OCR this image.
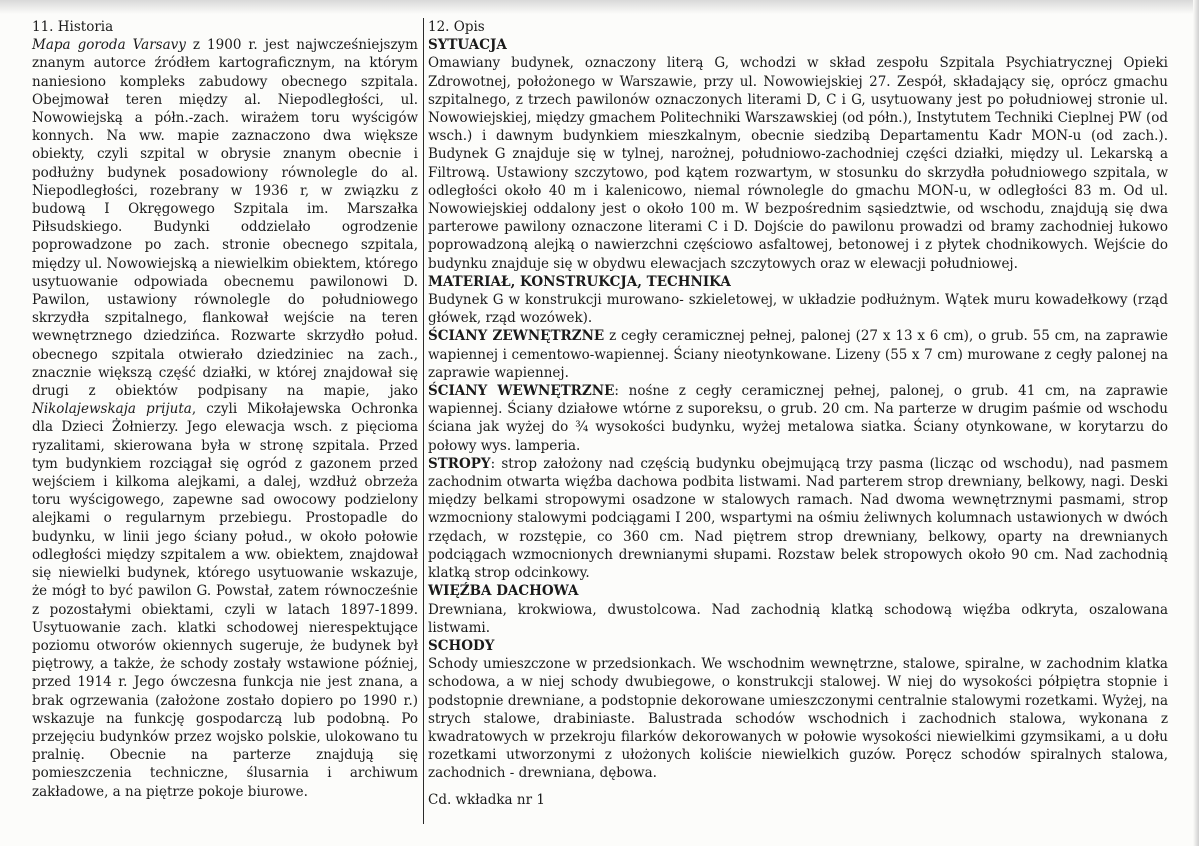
11. Historia

Mapa goroda Varsavy z 1900 r. jest najwcześniejszym znanym autorce źródłem kartograficznym, na którym naniesiono kompleks zabudowy obecnego szpitala. Obejmował teren między al. Niepodległości, ul. Nowowiejską a półn.-zach. wirażem toru wyścigów konnych. Na ww. mapie zaznaczono dwa większe obiekty, czyli szpital w obrysie znanym obecnie i podłużny budynek posadowiony równolegle do al. Niepodległości, rozebrany w 1936 r, w związku z budową I Okręgowego Szpitala im. Marszałka Piłsudskiego. Budynki oddzielało ogrodzenie poprowadzone po zach. stronie obecnego szpitala, między ul. Nowowiejską a niewielkim obiektem, którego usytuowanie odpowiada obecnemu pawilonowi D. Pawilon, ustawiony równolegle do południowego skrzydła szpitalnego, flankował wejście na teren wewnętrznego dziedzińca. Rozwarte skrzydło połud. obecnego szpitala otwierało dziedziniec na zach., znacznie większą część działki, w której znajdował się drugi z obiektów podpisany na mapie, jako Nikolajewskaja prijuta, czyli Mikołajewska Ochronka dla Dzieci Żołnierzy. Jego elewacja wsch. z pięcioma ryzalitami, skierowana była w stronę szpitala. Przed tym budynkiem rozciągał się ogród z gazonem przed wejściem i kilkoma alejkami, a dalej, wzdłuż obrzeża toru wyścigowego, zapewne sad owocowy podzielony alejkami o regularnym przebiegu. Prostopadle do budynku, w linii jego ściany połud., w około połowie odległości między szpitalem a ww. obiektem, znajdował się niewielki budynek, którego usytuowanie wskazuje, że mógł to być pawilon G. Powstał, zatem równocześnie z pozostałymi obiektami, czyli w latach 1897-1899. Usytuowanie zach. klatki schodowej nierespektujące poziomu otworów okiennych sugeruje, że budynek był piętrowy, a także, że schody zostały wstawione później, przed 1914 r. Jego ówczesna funkcja nie jest znana, a brak ogrzewania (założone zostało dopiero po 1990 r.) wskazuje na funkcję gospodarczą lub podobną. Po przejęciu budynków przez wojsko polskie, ulokowano tu pralnię. Obecnie na parterze znajdują się pomieszczenia techniczne, ślusarnia i archiwum zakładowe, a na piętrze pokoje biurowe.

12. Opis

SYTUACJA

Omawiany budynek, oznaczony literą G, wchodzi w skład zespołu Szpitala Psychiatrycznej Opieki Zdrowotnej, położonego w Warszawie, przy ul. Nowowiejskiej 27. Zespół, składający się, oprócz gmachu szpitalnego, z trzech pawilonów oznaczonych literami D, C i G, usytuowany jest po południowej stronie ul. Nowowiejskiej, między gmachem Politechniki Warszawskiej (od półn.), Instytutem Techniki Cieplnej PW (od wsch.) i dawnym budynkiem mieszkalnym, obecnie siedzibą Departamentu Kadr MON-u (od zach.). Budynek G znajduje się w tylnej, narożnej, południowo-zachodniej części działki, między ul. Lekarską a Filtrową. Ustawiony szczytowo, pod kątem rozwartym, w stosunku do skrzydła południowego szpitala, w odległości około 40 m i kalenicowo, niemal równolegle do gmachu MON-u, w odległości 83 m. Od ul. Nowowiejskiej oddalony jest o około 100 m. W bezpośrednim sąsiedztwie, od wschodu, znajdują się dwa parterowe pawilony oznaczone literami C i D. Dojście do pawilonu prowadzi od bramy zachodniej łukowo poprowadzoną alejką o nawierzchni częściowo asfaltowej, betonowej i z płytek chodnikowych. Wejście do budynku znajduje się w obydwu elewacjach szczytowych oraz w elewacji południowej.

MATERIAŁ, KONSTRUKCJA, TECHNIKA

Budynek G w konstrukcji murowano- szkieletowej, w układzie podłużnym. Wątek muru kowadełkowy (rząd główek, rząd wozówek).

ŚCIANY ZEWNĘTRZNE z cegły ceramicznej pełnej, palonej (27 x 13 x 6 cm), o grub. 55 cm, na zaprawie wapiennej i cementowo-wapiennej. Ściany nieotynkowane. Lizeny (55 x 7 cm) murowane z cegły palonej na zaprawie wapiennej.

ŚCIANY WEWNĘTRZNE: nośne z cegły ceramicznej pełnej, palonej, o grub. 41 cm, na zaprawie wapiennej. Ściany działowe wtórne z suporeksu, o grub. 20 cm. Na parterze w drugim paśmie od wschodu ściana jak wyżej do ¾ wysokości budynku, wyżej metalowa siatka. Ściany otynkowane, w korytarzu do połowy wys. lamperia.

STROPY: strop założony nad częścią budynku obejmującą trzy pasma (licząc od wschodu), nad pasmem zachodnim otwarta więźba dachowa podbita listwami. Nad parterem strop drewniany, belkowy, nagi. Deski między belkami stropowymi osadzone w stalowych ramach. Nad dwoma wewnętrznymi pasmami, strop wzmocniony stalowymi podciągami I 200, wspartymi na ośmiu żeliwnych kolumnach ustawionych w dwóch rzędach, w rozstępie, co 360 cm. Nad piętrem strop drewniany, belkowy, oparty na drewnianych podciągach wzmocnionych drewnianymi słupami. Rozstaw belek stropowych około 90 cm. Nad zachodnią klatką strop odcinkowy.

WIĘŹBA DACHOWA

Drewniana, krokwiowa, dwustolcowa. Nad zachodnią klatką schodową więźba odkryta, oszalowana listwami.

SCHODY

Schody umieszczone w przedsionkach. We wschodnim wewnętrzne, stalowe, spiralne, w zachodnim klatka schodowa, a w niej schody dwubiegowe, o konstrukcji stalowej. W niej do wysokości półpiętra stopnie i podstopnie drewniane, a podstopnie dekorowane umieszczonymi centralnie stalowymi rozetkami. Wyżej, na strych stalowe, drabiniaste. Balustrada schodów wschodnich i zachodnich stalowa, wykonana z kwadratowych w przekroju filarków dekorowanych w połowie wysokości niewielkimi gzymsikami, a u dołu rozetkami utworzonymi z ułożonych koliście niewielkich guzów. Poręcz schodów spiralnych stalowa, zachodnich - drewniana, dębowa.

Cd. wkładka nr 1
